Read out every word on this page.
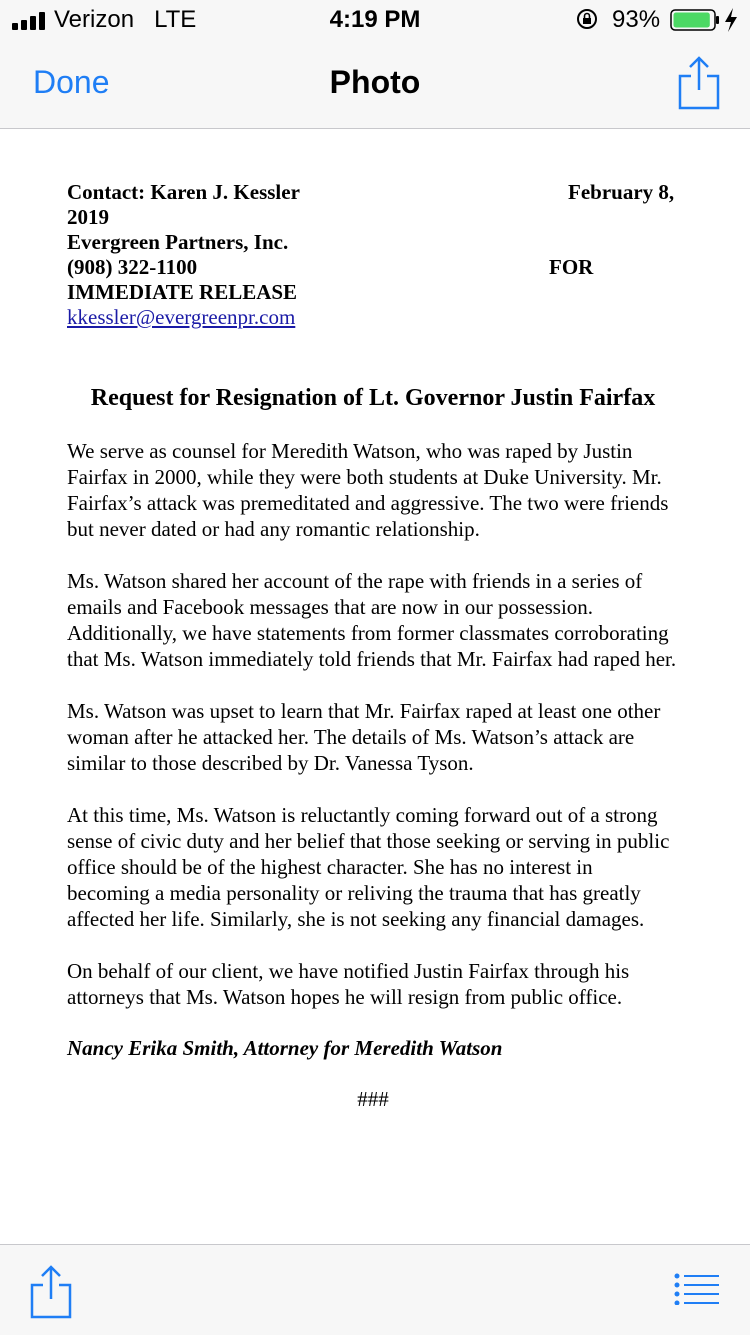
Verizon LTE	4:19 PM	93%
Done	Photo
Contact: Karen J. Kessler	February 8,
2019
Evergreen Partners, Inc.
(908) 322-1100	FOR
IMMEDIATE RELEASE
kkessler@evergreenpr.com
Request for Resignation of Lt. Governor Justin Fairfax
We serve as counsel for Meredith Watson, who was raped by Justin Fairfax in 2000, while they were both students at Duke University. Mr. Fairfax’s attack was premeditated and aggressive. The two were friends but never dated or had any romantic relationship.
Ms. Watson shared her account of the rape with friends in a series of emails and Facebook messages that are now in our possession. Additionally, we have statements from former classmates corroborating that Ms. Watson immediately told friends that Mr. Fairfax had raped her.
Ms. Watson was upset to learn that Mr. Fairfax raped at least one other woman after he attacked her. The details of Ms. Watson’s attack are similar to those described by Dr. Vanessa Tyson.
At this time, Ms. Watson is reluctantly coming forward out of a strong sense of civic duty and her belief that those seeking or serving in public office should be of the highest character. She has no interest in becoming a media personality or reliving the trauma that has greatly affected her life. Similarly, she is not seeking any financial damages.
On behalf of our client, we have notified Justin Fairfax through his attorneys that Ms. Watson hopes he will resign from public office.
Nancy Erika Smith, Attorney for Meredith Watson
###
